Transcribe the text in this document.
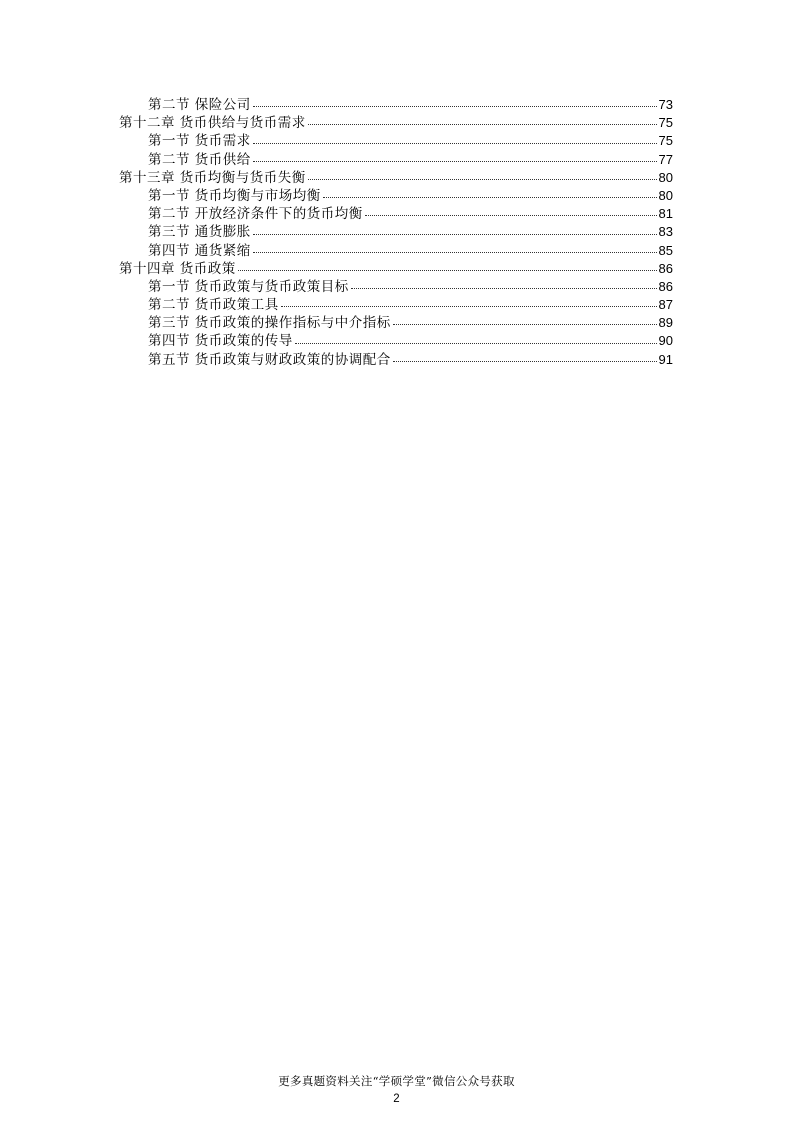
第二节 保险公司	73
第十二章 货币供给与货币需求	75
第一节 货币需求	75
第二节 货币供给	77
第十三章 货币均衡与货币失衡	80
第一节 货币均衡与市场均衡	80
第二节 开放经济条件下的货币均衡	81
第三节 通货膨胀	83
第四节 通货紧缩	85
第十四章 货币政策	86
第一节 货币政策与货币政策目标	86
第二节 货币政策工具	87
第三节 货币政策的操作指标与中介指标	89
第四节 货币政策的传导	90
第五节 货币政策与财政政策的协调配合	91
更多真题资料关注“学硕学堂”微信公众号获取
2
